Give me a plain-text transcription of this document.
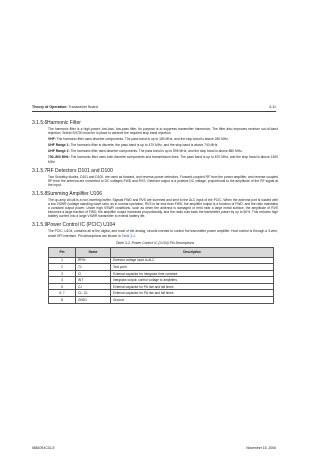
Theory of Operation: Transceiver Board	3-11
3.1.5.6Harmonic Filter
The harmonic filter is a high-power, low-loss, low-pass filter. Its purpose is to suppress transmitter harmonics. The filter also improves receiver out-of-band rejection. Shield SH700 must be in place to achieve the required stop band rejection.
VHF: The harmonic filter uses discrete components. The pass band is up to 180 MHz, and the stop band is above 280 MHz.
UHF Range 1: The harmonic filter is discrete, the pass band is up to 470 MHz, and the stop band is above 740 MHz.
UHF Range 2: The harmonic filter uses discrete components. The pass band is up to 595 MHz, and the stop band is above 860 MHz.
700–800 MHz: The harmonic filter uses both discrete components and transmission lines. The pass band is up to 870 MHz, and the stop band is above 1300 MHz.
3.1.5.7RF Detectors D101 and D100
Two Schottky diodes, D101 and D100, are used as forward- and reverse-power detectors. Forward-coupled RF from the power amplifier, and reverse-coupled RF from the antenna are converted to DC voltages FWD and RVS. Detector output is a positive DC voltage, proportional to the amplitude of the RF signal at the input.
3.1.5.8Summing Amplifier U106
The op-amp circuit is a non-inverting buffer. Signals FWD and RVS are summed and sent to the ALC input of the PCIC. When the antenna port is loaded with a low VSWR (voltage standing wave ratio; as in normal operation, RVS is far less than FWD, the amplifier output is a function of FWD, and the ratio maintains a constant output power. Under high VSWR conditions, such as when the antenna is damaged or held near a large metal surface, the amplitude of RVS becomes a large fraction of FWD, the amplifier output increases proportionally, and the radio cuts back the transmitter power by up to 50%. This reduces high battery current into a large VSWR transmitter to extend battery life.
3.1.5.9Power Control IC (PCIC) U104
The PCIC, U104, contains all of the digital, and most of the analog, circuits needed to control the transmitter power amplifier. Host control is through a 3-wire, smart SPI interface. Pin descriptions are shown in Table 3-2.
Table 3-2. Power Control IC (U104) Pin Descriptions
Pin	Name	Description
1	RFIN	Detector voltage input to ALC
2	T1	Test point
3	CI	External capacitor for integrator time constant
4	INT	Integrator output; control voltage to amplifiers
5	CJ	External capacitor for PA rise and fall times
6, 7	CL, CL	External capacitor for PA rise and fall times
8	GND1	Ground
6881094C31-E	November 15, 2006
